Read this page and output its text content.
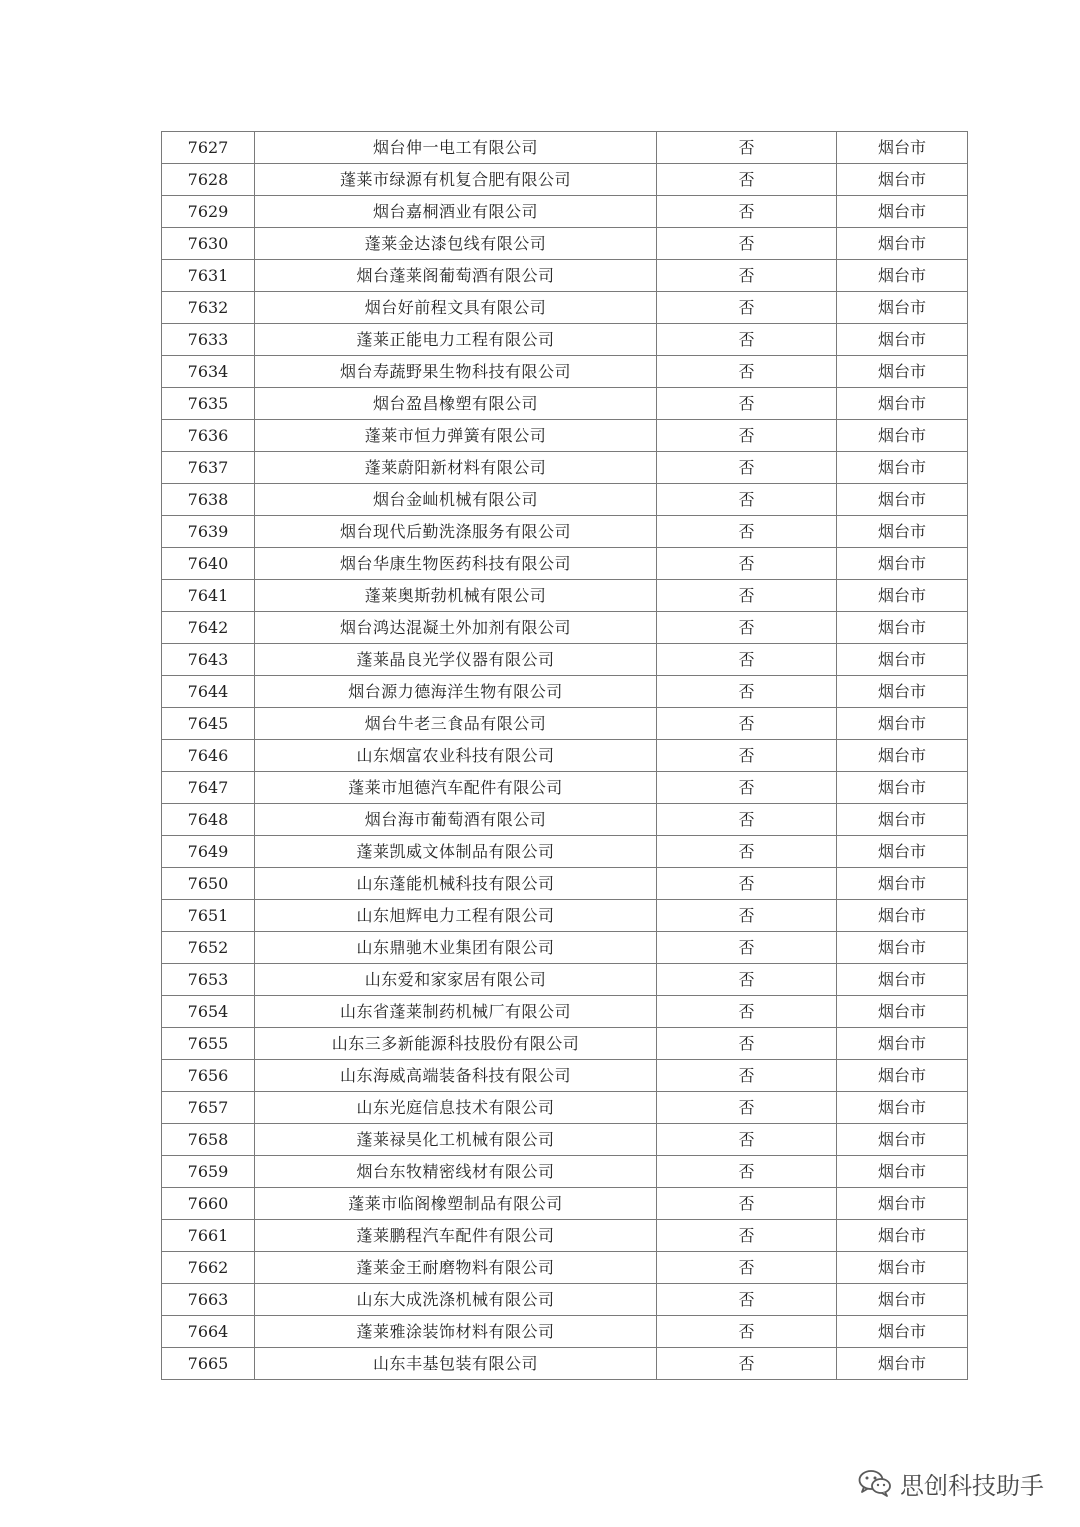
7627	烟台伸一电工有限公司	否	烟台市
7628	蓬莱市绿源有机复合肥有限公司	否	烟台市
7629	烟台嘉桐酒业有限公司	否	烟台市
7630	蓬莱金达漆包线有限公司	否	烟台市
7631	烟台蓬莱阁葡萄酒有限公司	否	烟台市
7632	烟台好前程文具有限公司	否	烟台市
7633	蓬莱正能电力工程有限公司	否	烟台市
7634	烟台寿蔬野果生物科技有限公司	否	烟台市
7635	烟台盈昌橡塑有限公司	否	烟台市
7636	蓬莱市恒力弹簧有限公司	否	烟台市
7637	蓬莱蔚阳新材料有限公司	否	烟台市
7638	烟台金屾机械有限公司	否	烟台市
7639	烟台现代后勤洗涤服务有限公司	否	烟台市
7640	烟台华康生物医药科技有限公司	否	烟台市
7641	蓬莱奥斯勃机械有限公司	否	烟台市
7642	烟台鸿达混凝土外加剂有限公司	否	烟台市
7643	蓬莱晶良光学仪器有限公司	否	烟台市
7644	烟台源力德海洋生物有限公司	否	烟台市
7645	烟台牛老三食品有限公司	否	烟台市
7646	山东烟富农业科技有限公司	否	烟台市
7647	蓬莱市旭德汽车配件有限公司	否	烟台市
7648	烟台海市葡萄酒有限公司	否	烟台市
7649	蓬莱凯威文体制品有限公司	否	烟台市
7650	山东蓬能机械科技有限公司	否	烟台市
7651	山东旭辉电力工程有限公司	否	烟台市
7652	山东鼎驰木业集团有限公司	否	烟台市
7653	山东爱和家家居有限公司	否	烟台市
7654	山东省蓬莱制药机械厂有限公司	否	烟台市
7655	山东三多新能源科技股份有限公司	否	烟台市
7656	山东海威高端装备科技有限公司	否	烟台市
7657	山东光庭信息技术有限公司	否	烟台市
7658	蓬莱禄昊化工机械有限公司	否	烟台市
7659	烟台东牧精密线材有限公司	否	烟台市
7660	蓬莱市临阁橡塑制品有限公司	否	烟台市
7661	蓬莱鹏程汽车配件有限公司	否	烟台市
7662	蓬莱金王耐磨物料有限公司	否	烟台市
7663	山东大成洗涤机械有限公司	否	烟台市
7664	蓬莱雅涂装饰材料有限公司	否	烟台市
7665	山东丰基包装有限公司	否	烟台市
思创科技助手
